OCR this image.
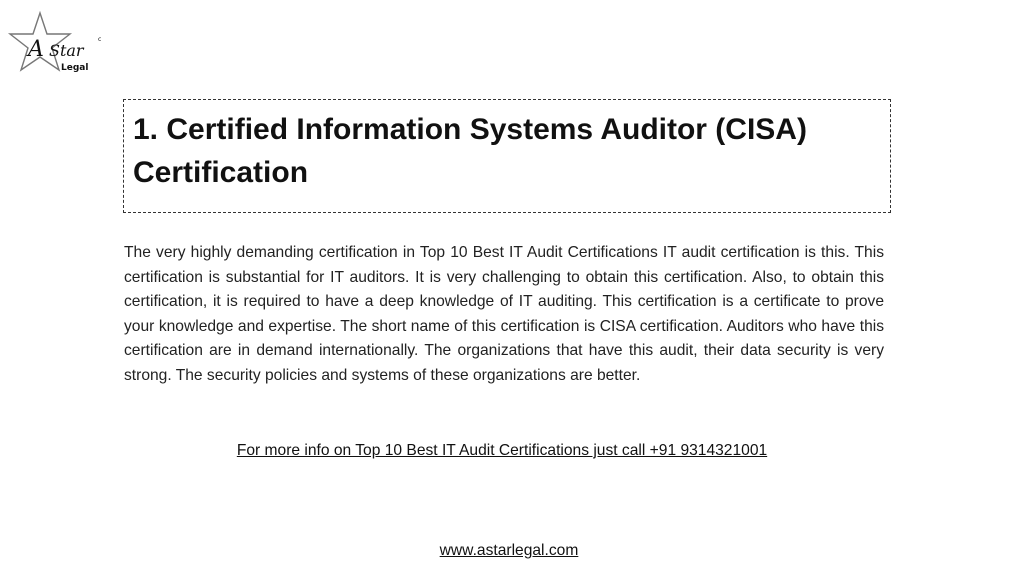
A Star
Legal
c
1. Certified Information Systems Auditor (CISA) Certification

The very highly demanding certification in Top 10 Best IT Audit Certifications IT audit certification is this. This certification is substantial for IT auditors. It is very challenging to obtain this certification. Also, to obtain this certification, it is required to have a deep knowledge of IT auditing. This certification is a certificate to prove your knowledge and expertise. The short name of this certification is CISA certification. Auditors who have this certification are in demand internationally. The organizations that have this audit, their data security is very strong. The security policies and systems of these organizations are better.

For more info on Top 10 Best IT Audit Certifications just call +91 9314321001
www.astarlegal.com
